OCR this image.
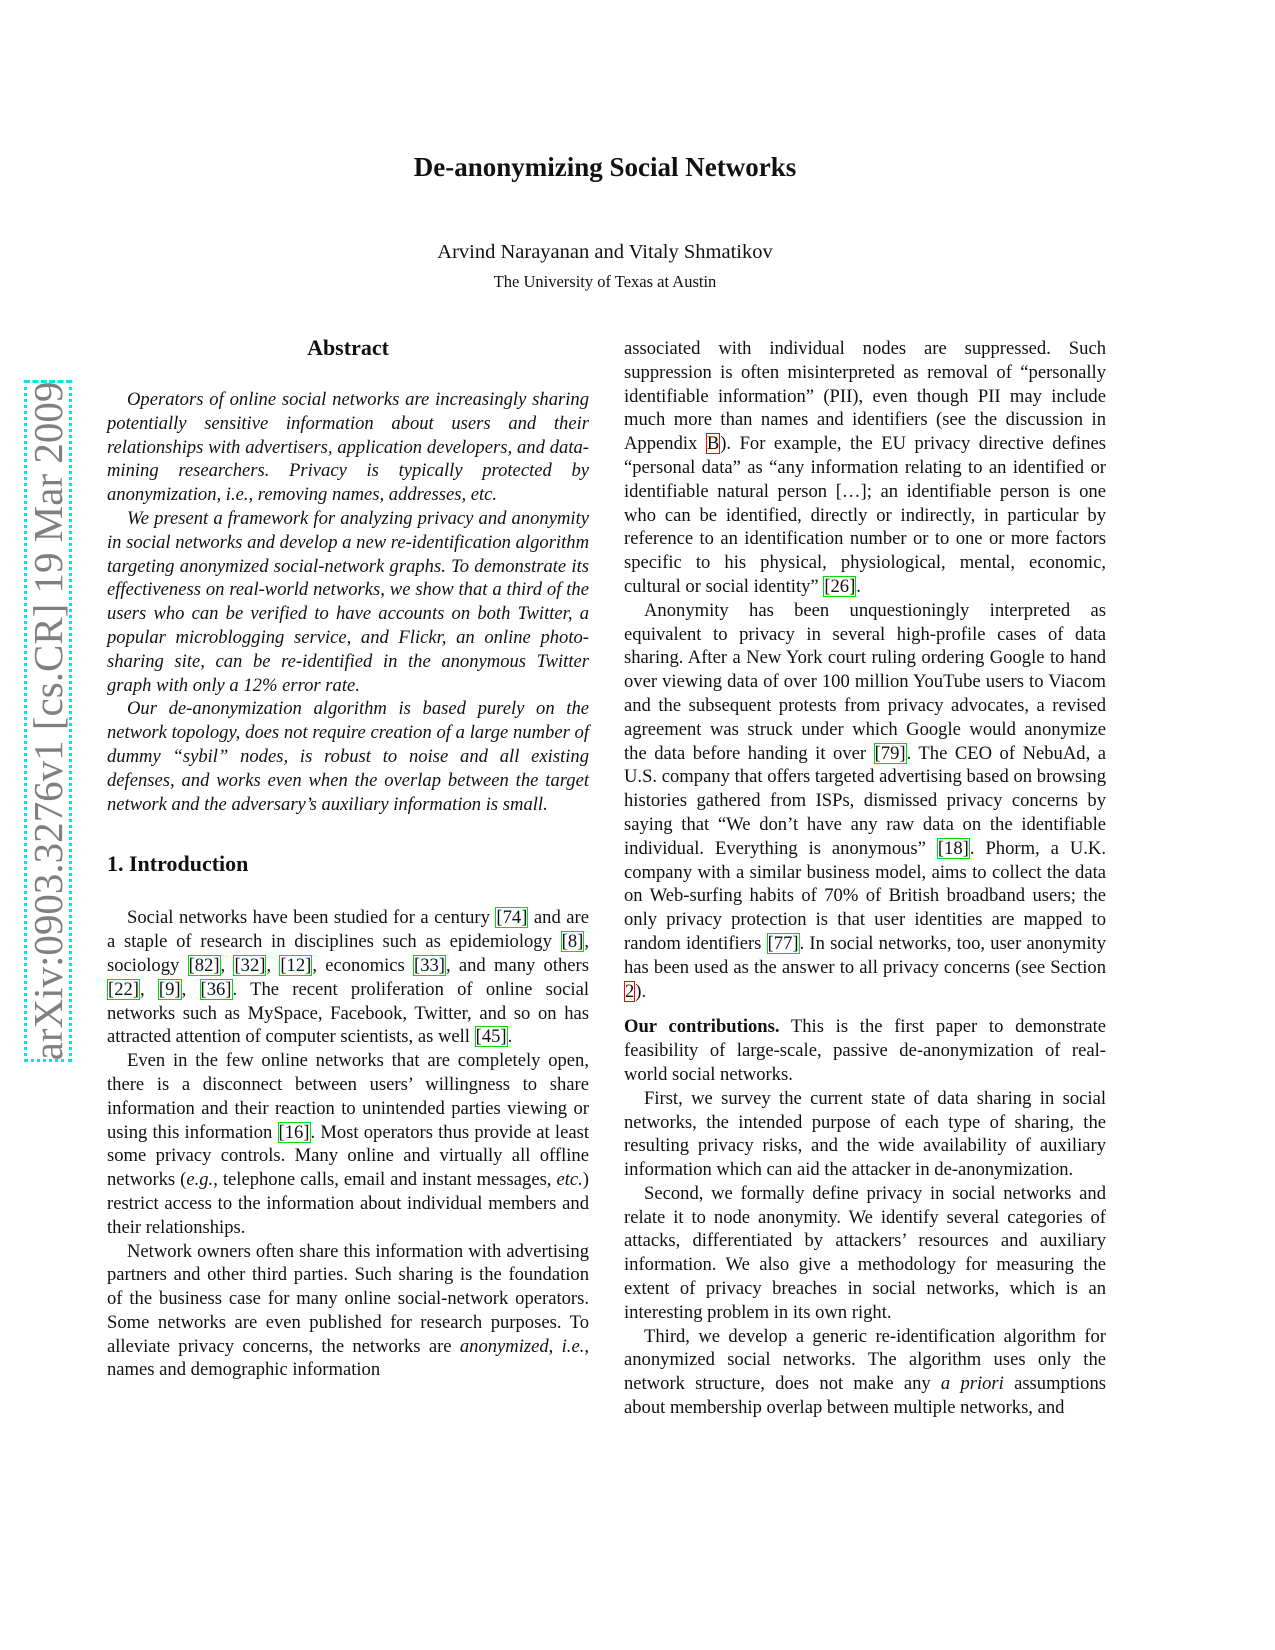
arXiv:0903.3276v1 [cs.CR] 19 Mar 2009
De-anonymizing Social Networks
Arvind Narayanan and Vitaly Shmatikov
The University of Texas at Austin
Abstract

Operators of online social networks are increasingly sharing potentially sensitive information about users and their relationships with advertisers, application developers, and data-mining researchers. Privacy is typically protected by anonymization, i.e., removing names, addresses, etc.

We present a framework for analyzing privacy and anonymity in social networks and develop a new re-identification algorithm targeting anonymized social-network graphs. To demonstrate its effectiveness on real-world networks, we show that a third of the users who can be verified to have accounts on both Twitter, a popular microblogging service, and Flickr, an online photo-sharing site, can be re-identified in the anonymous Twitter graph with only a 12% error rate.

Our de-anonymization algorithm is based purely on the network topology, does not require creation of a large number of dummy “sybil” nodes, is robust to noise and all existing defenses, and works even when the overlap between the target network and the adversary’s auxiliary information is small.

1. Introduction

Social networks have been studied for a century [74] and are a staple of research in disciplines such as epidemiology [8], sociology [82], [32], [12], economics [33], and many others [22], [9], [36]. The recent proliferation of online social networks such as MySpace, Facebook, Twitter, and so on has attracted attention of computer scientists, as well [45].

Even in the few online networks that are completely open, there is a disconnect between users’ willingness to share information and their reaction to unintended parties viewing or using this information [16]. Most operators thus provide at least some privacy controls. Many online and virtually all offline networks (e.g., telephone calls, email and instant messages, etc.) restrict access to the information about individual members and their relationships.

Network owners often share this information with advertising partners and other third parties. Such sharing is the foundation of the business case for many online social-network operators. Some networks are even published for research purposes. To alleviate privacy concerns, the networks are anonymized, i.e., names and demographic information

associated with individual nodes are suppressed. Such suppression is often misinterpreted as removal of “personally identifiable information” (PII), even though PII may include much more than names and identifiers (see the discussion in Appendix B). For example, the EU privacy directive defines “personal data” as “any information relating to an identified or identifiable natural person […]; an identifiable person is one who can be identified, directly or indirectly, in particular by reference to an identification number or to one or more factors specific to his physical, physiological, mental, economic, cultural or social identity” [26].

Anonymity has been unquestioningly interpreted as equivalent to privacy in several high-profile cases of data sharing. After a New York court ruling ordering Google to hand over viewing data of over 100 million YouTube users to Viacom and the subsequent protests from privacy advocates, a revised agreement was struck under which Google would anonymize the data before handing it over [79]. The CEO of NebuAd, a U.S. company that offers targeted advertising based on browsing histories gathered from ISPs, dismissed privacy concerns by saying that “We don’t have any raw data on the identifiable individual. Everything is anonymous” [18]. Phorm, a U.K. company with a similar business model, aims to collect the data on Web-surfing habits of 70% of British broadband users; the only privacy protection is that user identities are mapped to random identifiers [77]. In social networks, too, user anonymity has been used as the answer to all privacy concerns (see Section 2).

Our contributions. This is the first paper to demonstrate feasibility of large-scale, passive de-anonymization of real-world social networks.

First, we survey the current state of data sharing in social networks, the intended purpose of each type of sharing, the resulting privacy risks, and the wide availability of auxiliary information which can aid the attacker in de-anonymization.

Second, we formally define privacy in social networks and relate it to node anonymity. We identify several categories of attacks, differentiated by attackers’ resources and auxiliary information. We also give a methodology for measuring the extent of privacy breaches in social networks, which is an interesting problem in its own right.

Third, we develop a generic re-identification algorithm for anonymized social networks. The algorithm uses only the network structure, does not make any a priori assumptions about membership overlap between multiple networks, and
